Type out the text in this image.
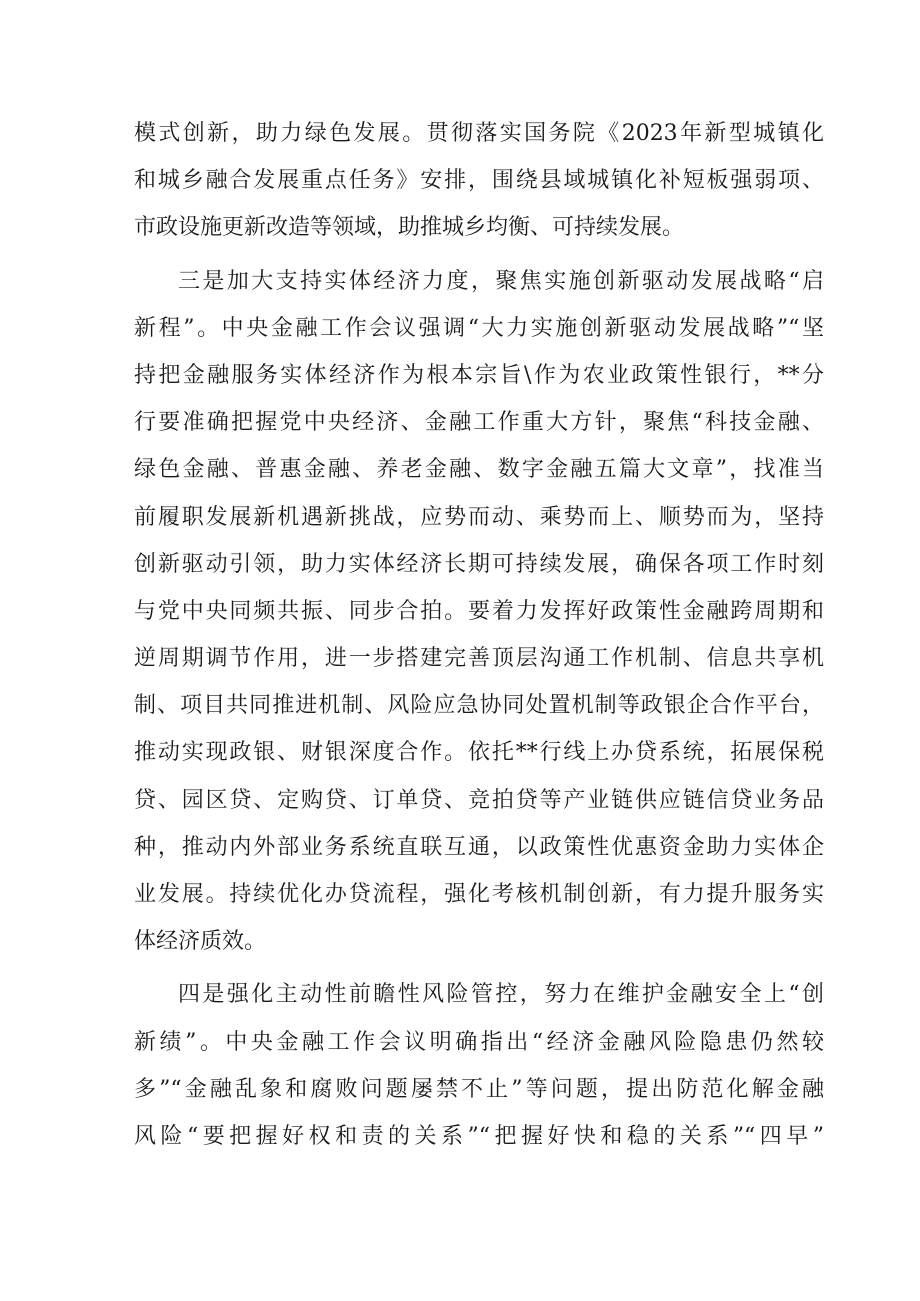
模式创新，助力绿色发展。贯彻落实国务院《2023年新型城镇化
和城乡融合发展重点任务》安排，围绕县域城镇化补短板强弱项、
市政设施更新改造等领域，助推城乡均衡、可持续发展。
三是加大支持实体经济力度，聚焦实施创新驱动发展战略“启
新程”。中央金融工作会议强调“大力实施创新驱动发展战略”“坚
持把金融服务实体经济作为根本宗旨\作为农业政策性银行，**分
行要准确把握党中央经济、金融工作重大方针，聚焦“科技金融、
绿色金融、普惠金融、养老金融、数字金融五篇大文章”，找准当
前履职发展新机遇新挑战，应势而动、乘势而上、顺势而为，坚持
创新驱动引领，助力实体经济长期可持续发展，确保各项工作时刻
与党中央同频共振、同步合拍。要着力发挥好政策性金融跨周期和
逆周期调节作用，进一步搭建完善顶层沟通工作机制、信息共享机
制、项目共同推进机制、风险应急协同处置机制等政银企合作平台，
推动实现政银、财银深度合作。依托**行线上办贷系统，拓展保税
贷、园区贷、定购贷、订单贷、竞拍贷等产业链供应链信贷业务品
种，推动内外部业务系统直联互通，以政策性优惠资金助力实体企
业发展。持续优化办贷流程，强化考核机制创新，有力提升服务实
体经济质效。
四是强化主动性前瞻性风险管控，努力在维护金融安全上“创
新绩”。中央金融工作会议明确指出“经济金融风险隐患仍然较
多”“金融乱象和腐败问题屡禁不止”等问题，提出防范化解金融
风险“要把握好权和责的关系”“把握好快和稳的关系”“四早”
